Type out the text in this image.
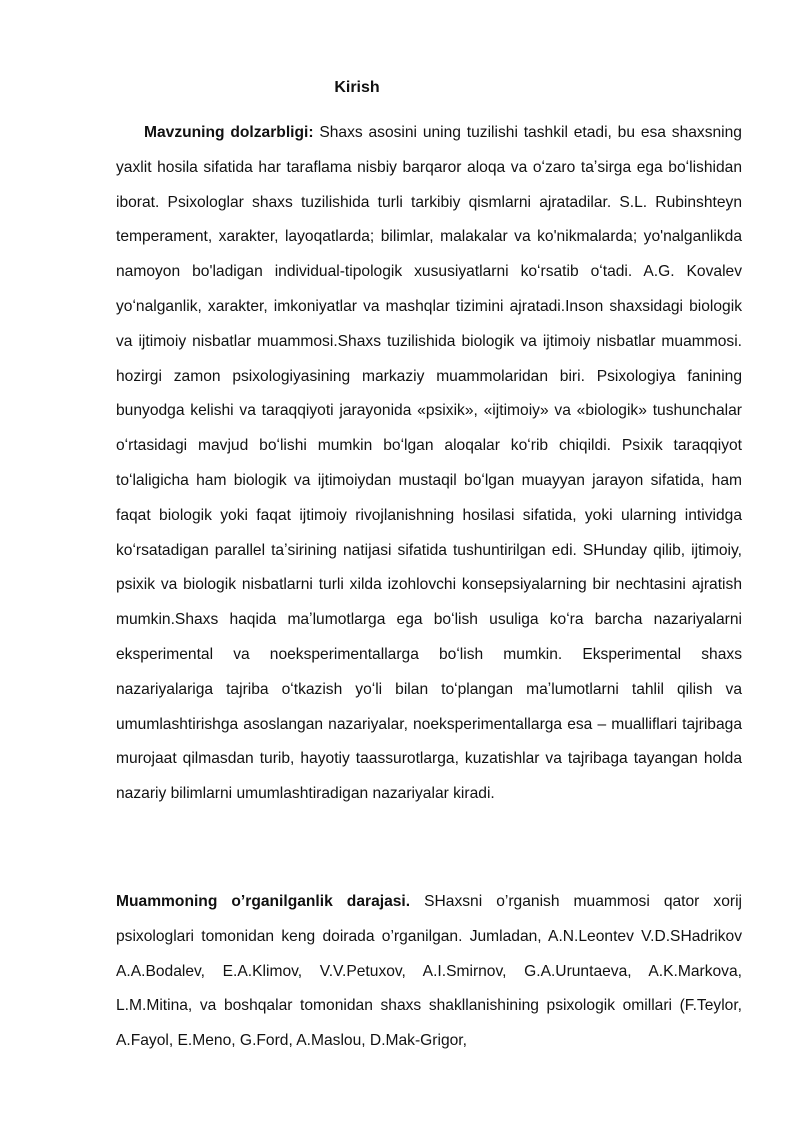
Kirish

Mavzuning dolzarbligi: Shaxs asosini uning tuzilishi tashkil etadi, bu esa shaxsning yaxlit hosila sifatida har taraflama nisbiy barqaror aloqa va oʻzaro taʼsirga ega boʻlishidan iborat. Psixologlar shaxs tuzilishida turli tarkibiy qismlarni ajratadilar. S.L. Rubinshteyn temperament, xarakter, layoqatlarda; bilimlar, malakalar va ko'nikmalarda; yo'nalganlikda namoyon bo'ladigan individual-tipologik xususiyatlarni koʻrsatib oʻtadi. A.G. Kovalev yoʻnalganlik, xarakter, imkoniyatlar va mashqlar tizimini ajratadi.Inson shaxsidagi biologik va ijtimoiy nisbatlar muammosi.Shaxs tuzilishida biologik va ijtimoiy nisbatlar muammosi. hozirgi zamon psixologiyasining markaziy muammolaridan biri. Psixologiya fanining bunyodga kelishi va taraqqiyoti jarayonida «psixik», «ijtimoiy» va «biologik» tushunchalar oʻrtasidagi mavjud boʻlishi mumkin boʻlgan aloqalar koʻrib chiqildi. Psixik taraqqiyot toʻlaligicha ham biologik va ijtimoiydan mustaqil boʻlgan muayyan jarayon sifatida, ham faqat biologik yoki faqat ijtimoiy rivojlanishning hosilasi sifatida, yoki ularning intividga koʻrsatadigan parallel taʼsirining natijasi sifatida tushuntirilgan edi. SHunday qilib, ijtimoiy, psixik va biologik nisbatlarni turli xilda izohlovchi konsepsiyalarning bir nechtasini ajratish mumkin.Shaxs haqida maʼlumotlarga ega boʻlish usuliga koʻra barcha nazariyalarni eksperimental va noeksperimentallarga boʻlish mumkin. Eksperimental shaxs nazariyalariga tajriba oʻtkazish yoʻli bilan toʻplangan maʼlumotlarni tahlil qilish va umumlashtirishga asoslangan nazariyalar, noeksperimentallarga esa – mualliflari tajribaga murojaat qilmasdan turib, hayotiy taassurotlarga, kuzatishlar va tajribaga tayangan holda nazariy bilimlarni umumlashtiradigan nazariyalar kiradi.

Muammoning o’rganilganlik darajasi. SHaxsni o’rganish muammosi qator xorij psixologlari tomonidan keng doirada o’rganilgan. Jumladan, A.N.Leontev V.D.SHadrikov A.A.Bodalev, E.A.Klimov, V.V.Petuxov, A.I.Smirnov, G.A.Uruntaeva, A.K.Markova, L.M.Mitina, va boshqalar tomonidan shaxs shakllanishining psixologik omillari (F.Teylor, A.Fayol, E.Meno, G.Ford, A.Maslou, D.Mak-Grigor,
